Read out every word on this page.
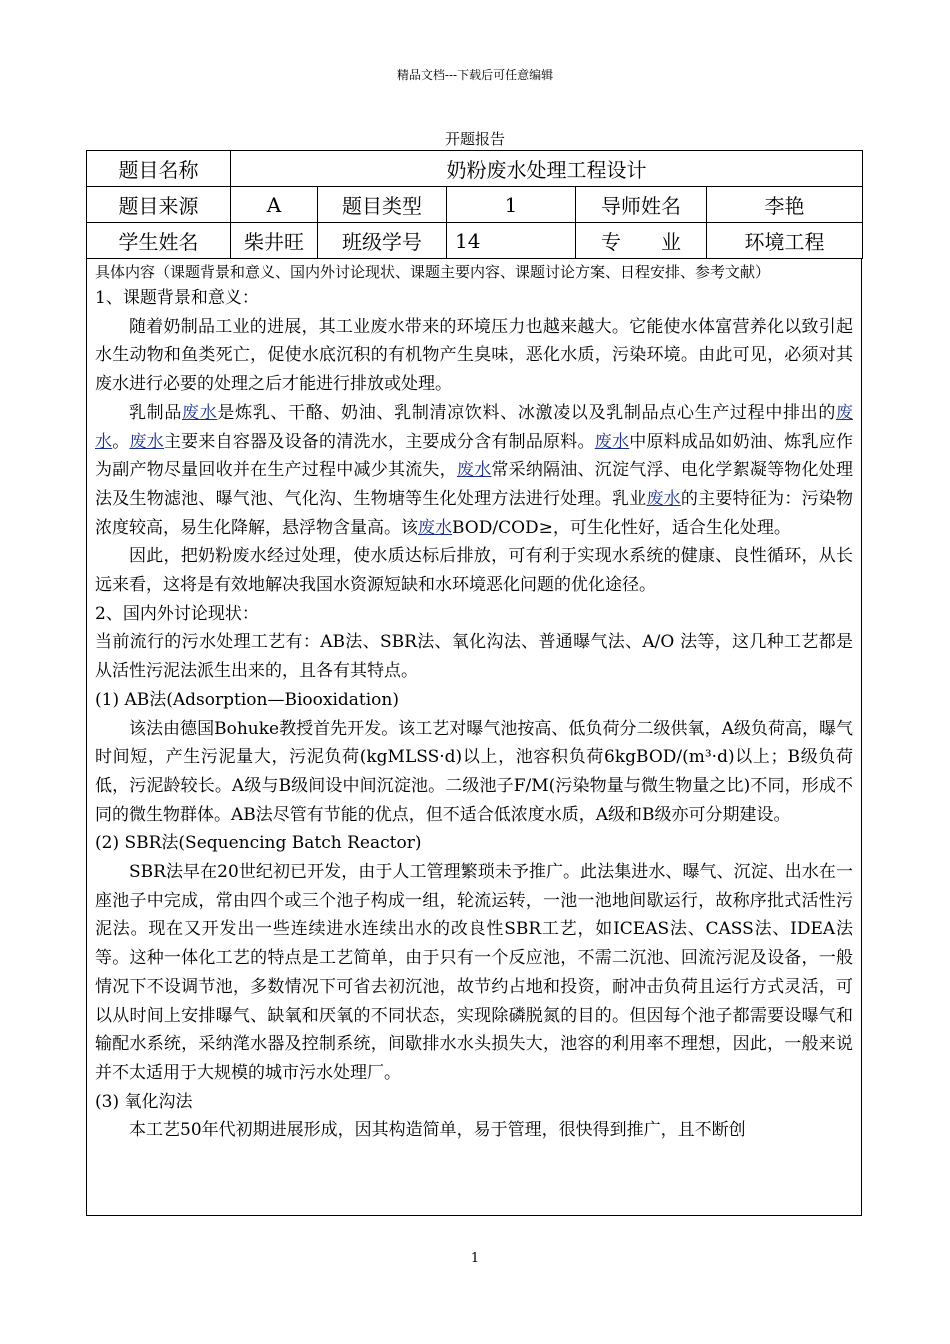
精品文档---下载后可任意编辑
开题报告
题目名称	奶粉废水处理工程设计				
题目来源	A	题目类型	1	导师姓名	李艳
学生姓名	柴井旺	班级学号	14	专　　业	环境工程

具体内容（课题背景和意义、国内外讨论现状、课题主要内容、课题讨论方案、日程安排、参考文献）

1、课题背景和意义：

随着奶制品工业的进展，其工业废水带来的环境压力也越来越大。它能使水体富营养化以致引起水生动物和鱼类死亡，促使水底沉积的有机物产生臭味，恶化水质，污染环境。由此可见，必须对其废水进行必要的处理之后才能进行排放或处理。

乳制品废水是炼乳、干酪、奶油、乳制清凉饮料、冰激凌以及乳制品点心生产过程中排出的废水。废水主要来自容器及设备的清洗水，主要成分含有制品原料。废水中原料成品如奶油、炼乳应作为副产物尽量回收并在生产过程中减少其流失，废水常采纳隔油、沉淀气浮、电化学絮凝等物化处理法及生物滤池、曝气池、气化沟、生物塘等生化处理方法进行处理。乳业废水的主要特征为：污染物浓度较高，易生化降解，悬浮物含量高。该废水BOD/COD≥，可生化性好，适合生化处理。

因此，把奶粉废水经过处理，使水质达标后排放，可有利于实现水系统的健康、良性循环，从长远来看，这将是有效地解决我国水资源短缺和水环境恶化问题的优化途径。

2、国内外讨论现状：

当前流行的污水处理工艺有：AB法、SBR法、氧化沟法、普通曝气法、A/O 法等，这几种工艺都是从活性污泥法派生出来的，且各有其特点。

(1) AB法(Adsorption—Biooxidation)

该法由德国Bohuke教授首先开发。该工艺对曝气池按高、低负荷分二级供氧，A级负荷高，曝气时间短，产生污泥量大，污泥负荷(kgMLSS·d)以上，池容积负荷6kgBOD/(m³·d)以上；B级负荷低，污泥龄较长。A级与B级间设中间沉淀池。二级池子F/M(污染物量与微生物量之比)不同，形成不同的微生物群体。AB法尽管有节能的优点，但不适合低浓度水质，A级和B级亦可分期建设。

(2) SBR法(Sequencing Batch Reactor)

SBR法早在20世纪初已开发，由于人工管理繁琐未予推广。此法集进水、曝气、沉淀、出水在一座池子中完成，常由四个或三个池子构成一组，轮流运转，一池一池地间歇运行，故称序批式活性污泥法。现在又开发出一些连续进水连续出水的改良性SBR工艺，如ICEAS法、CASS法、IDEA法等。这种一体化工艺的特点是工艺简单，由于只有一个反应池，不需二沉池、回流污泥及设备，一般情况下不设调节池，多数情况下可省去初沉池，故节约占地和投资，耐冲击负荷且运行方式灵活，可以从时间上安排曝气、缺氧和厌氧的不同状态，实现除磷脱氮的目的。但因每个池子都需要设曝气和输配水系统，采纳滗水器及控制系统，间歇排水水头损失大，池容的利用率不理想，因此，一般来说并不太适用于大规模的城市污水处理厂。

(3) 氧化沟法

本工艺50年代初期进展形成，因其构造简单，易于管理，很快得到推广，且不断创

1
